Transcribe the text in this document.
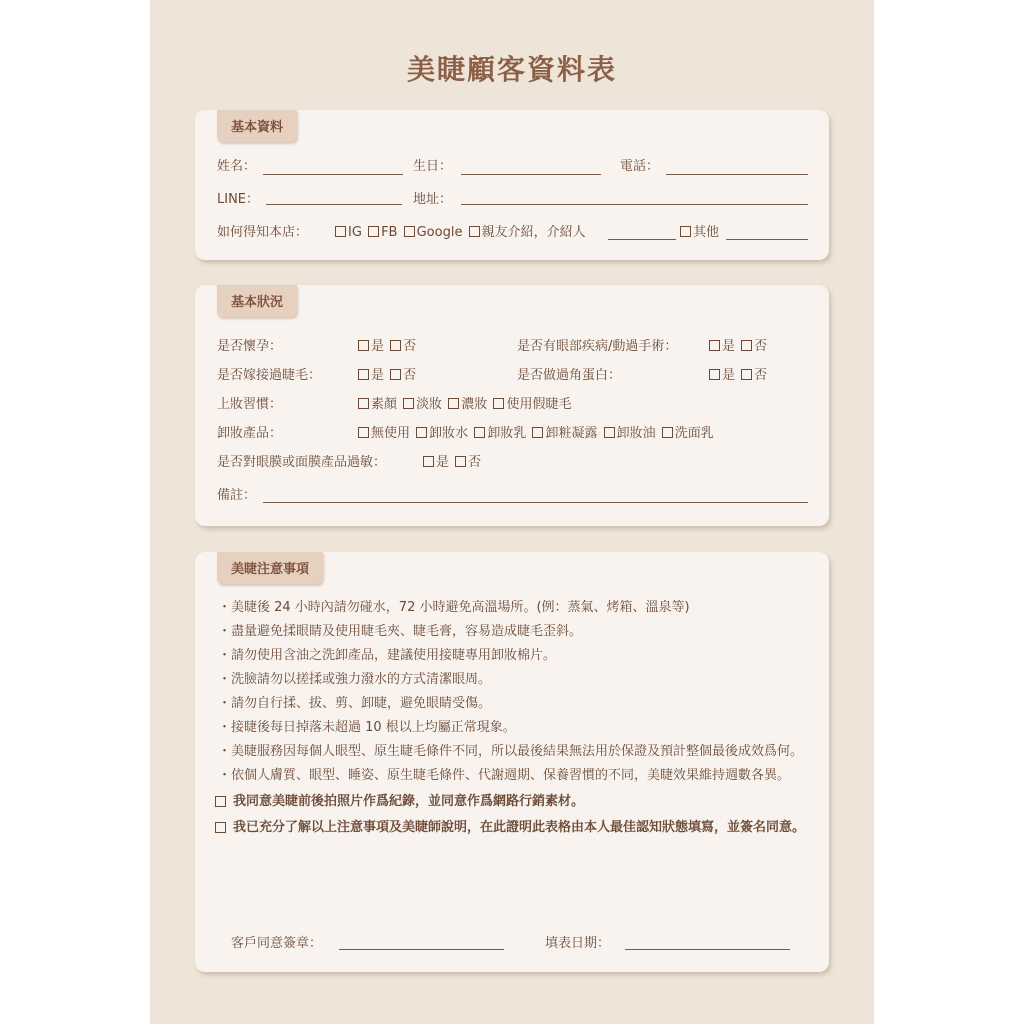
美睫顧客資料表
基本資料
姓名：	生日：	電話：
LINE：	地址：
如何得知本店：	IG FB Google 親友介紹，介紹人	其他
基本狀況
是否懷孕：	是 否	是否有眼部疾病/動過手術：	是 否
是否嫁接過睫毛：	是 否	是否做過角蛋白：	是 否
上妝習慣：	素顏 淡妝 濃妝 使用假睫毛
卸妝產品：	無使用 卸妝水 卸妝乳 卸粧凝露 卸妝油 洗面乳
是否對眼膜或面膜產品過敏：	是 否
備註：
美睫注意事項
・ 美睫後 24 小時內請勿碰水，72 小時避免高溫場所。(例：蒸氣、烤箱、溫泉等)
・ 盡量避免揉眼睛及使用睫毛夾、睫毛膏，容易造成睫毛歪斜。
・ 請勿使用含油之洗卸產品，建議使用接睫專用卸妝棉片。
・ 洗臉請勿以搓揉或強力潑水的方式清潔眼周。
・ 請勿自行揉、拔、剪、卸睫，避免眼睛受傷。
・ 接睫後每日掉落未超過 10 根以上均屬正常現象。
・ 美睫服務因每個人眼型、原生睫毛條件不同，所以最後結果無法用於保證及預計整個最後成效爲何。
・ 依個人膚質、眼型、睡姿、原生睫毛條件、代謝週期、保養習慣的不同，美睫效果維持週數各異。
我同意美睫前後拍照片作爲紀錄，並同意作爲網路行銷素材。
我已充分了解以上注意事項及美睫師說明，在此證明此表格由本人最佳認知狀態填寫，並簽名同意。
客戶同意簽章：	填表日期：
